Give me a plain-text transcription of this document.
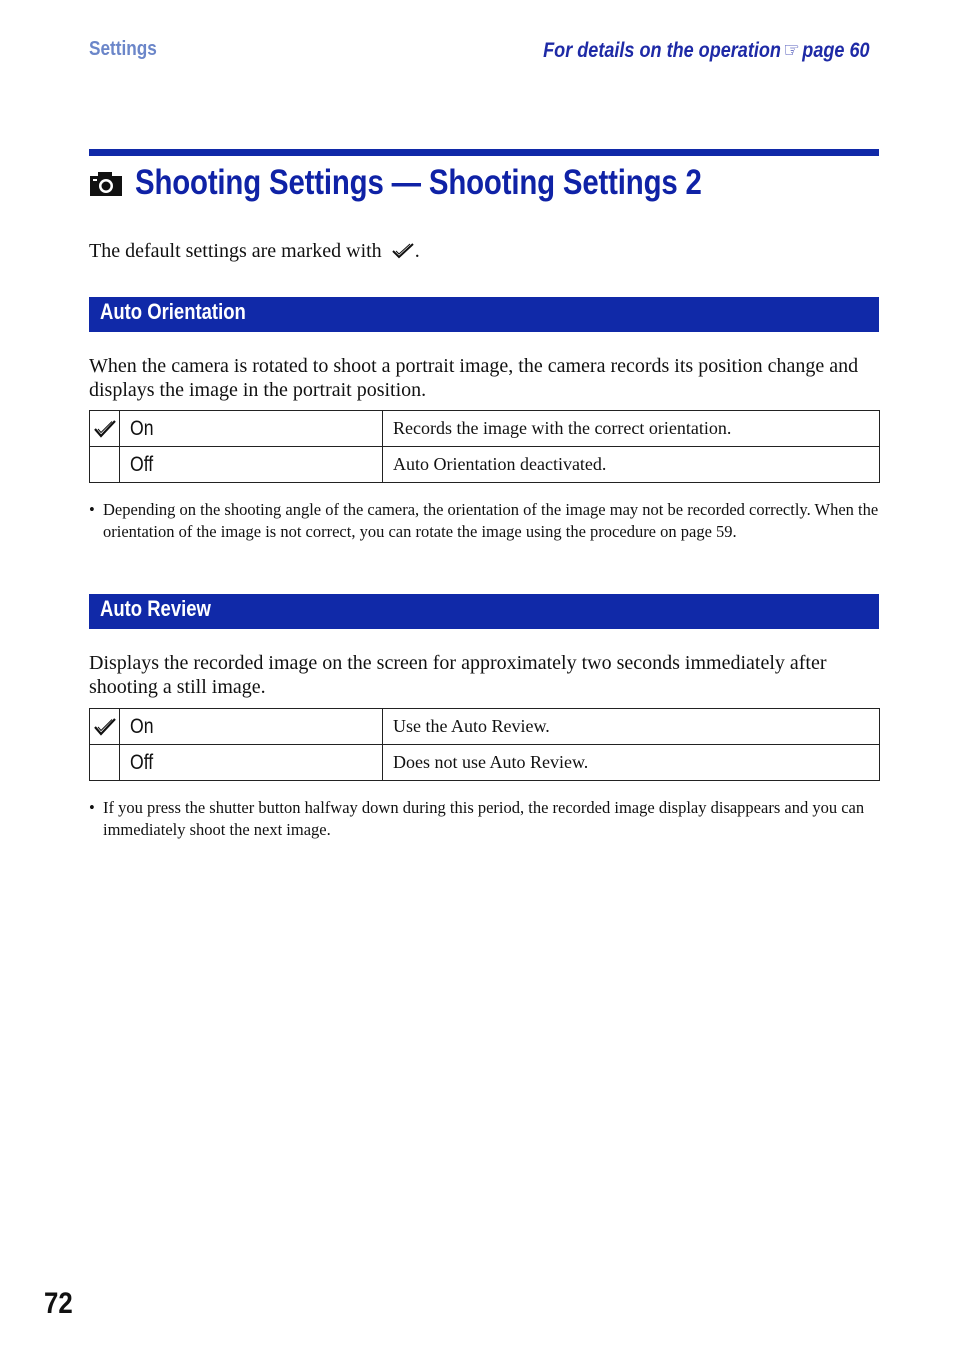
Settings	For details on the operation ☞ page 60
Shooting Settings — Shooting Settings 2
The default settings are marked with .
Auto Orientation
When the camera is rotated to shoot a portrait image, the camera records its position change and displays the image in the portrait position.
	On	Records the image with the correct orientation.
	Off	Auto Orientation deactivated.
• Depending on the shooting angle of the camera, the orientation of the image may not be recorded correctly. When the orientation of the image is not correct, you can rotate the image using the procedure on page 59.
Auto Review
Displays the recorded image on the screen for approximately two seconds immediately after shooting a still image.
	On	Use the Auto Review.
	Off	Does not use Auto Review.
• If you press the shutter button halfway down during this period, the recorded image display disappears and you can immediately shoot the next image.
72
